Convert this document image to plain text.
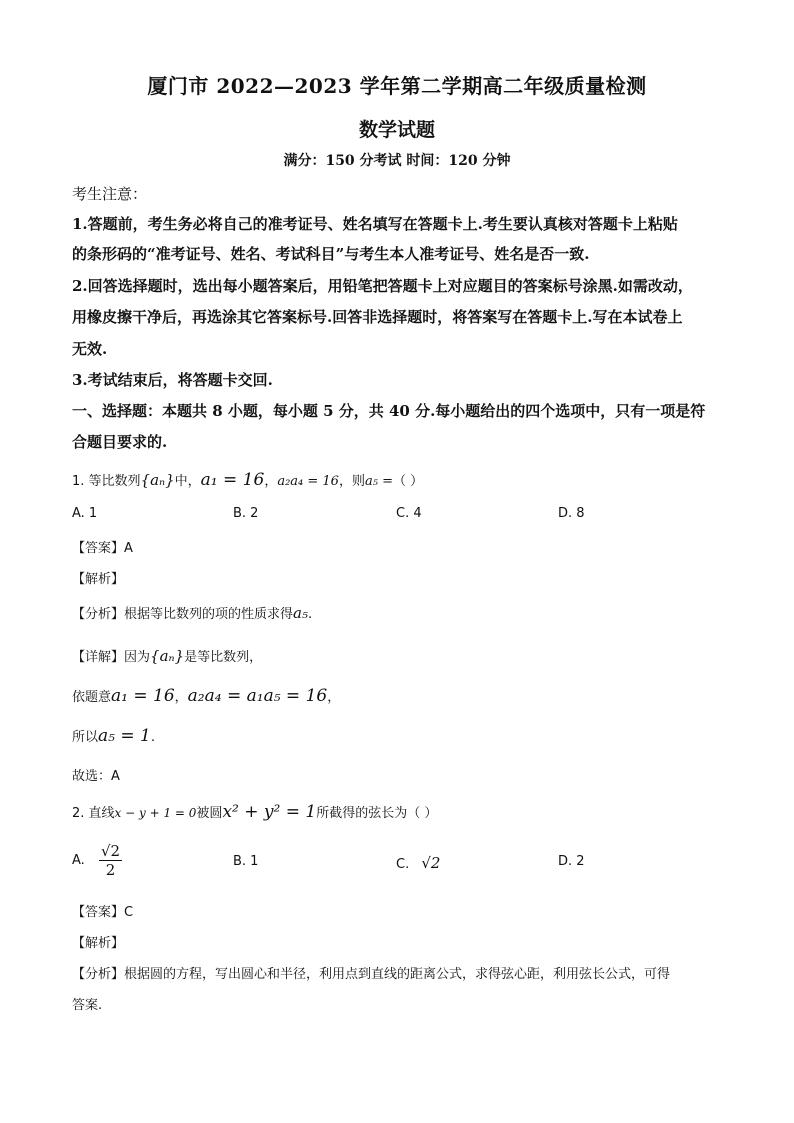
厦门市 2022—2023 学年第二学期高二年级质量检测
数学试题
满分：150 分考试 时间：120 分钟
考生注意：
1.答题前，考生务必将自己的准考证号、姓名填写在答题卡上.考生要认真核对答题卡上粘贴
的条形码的“准考证号、姓名、考试科目”与考生本人准考证号、姓名是否一致.
2.回答选择题时，选出每小题答案后，用铅笔把答题卡上对应题目的答案标号涂黑.如需改动，
用橡皮擦干净后，再选涂其它答案标号.回答非选择题时，将答案写在答题卡上.写在本试卷上
无效.
3.考试结束后，将答题卡交回.
一、选择题：本题共 8 小题，每小题 5 分，共 40 分.每小题给出的四个选项中，只有一项是符
合题目要求的.
1. 等比数列{aₙ}中，a₁ = 16，a₂a₄ = 16，则a₅ =（ ）
A. 1	B. 2	C. 4	D. 8
【答案】A
【解析】
【分析】根据等比数列的项的性质求得a₅.
【详解】因为{aₙ}是等比数列，
依题意a₁ = 16，a₂a₄ = a₁a₅ = 16，
所以a₅ = 1.
故选：A
2. 直线x − y + 1 = 0被圆x² + y² = 1所截得的弦长为（ ）
A. $\frac{√2}{2}$	B. 1	C. √2	D. 2
【答案】C
【解析】
【分析】根据圆的方程，写出圆心和半径，利用点到直线的距离公式，求得弦心距，利用弦长公式，可得
答案.
